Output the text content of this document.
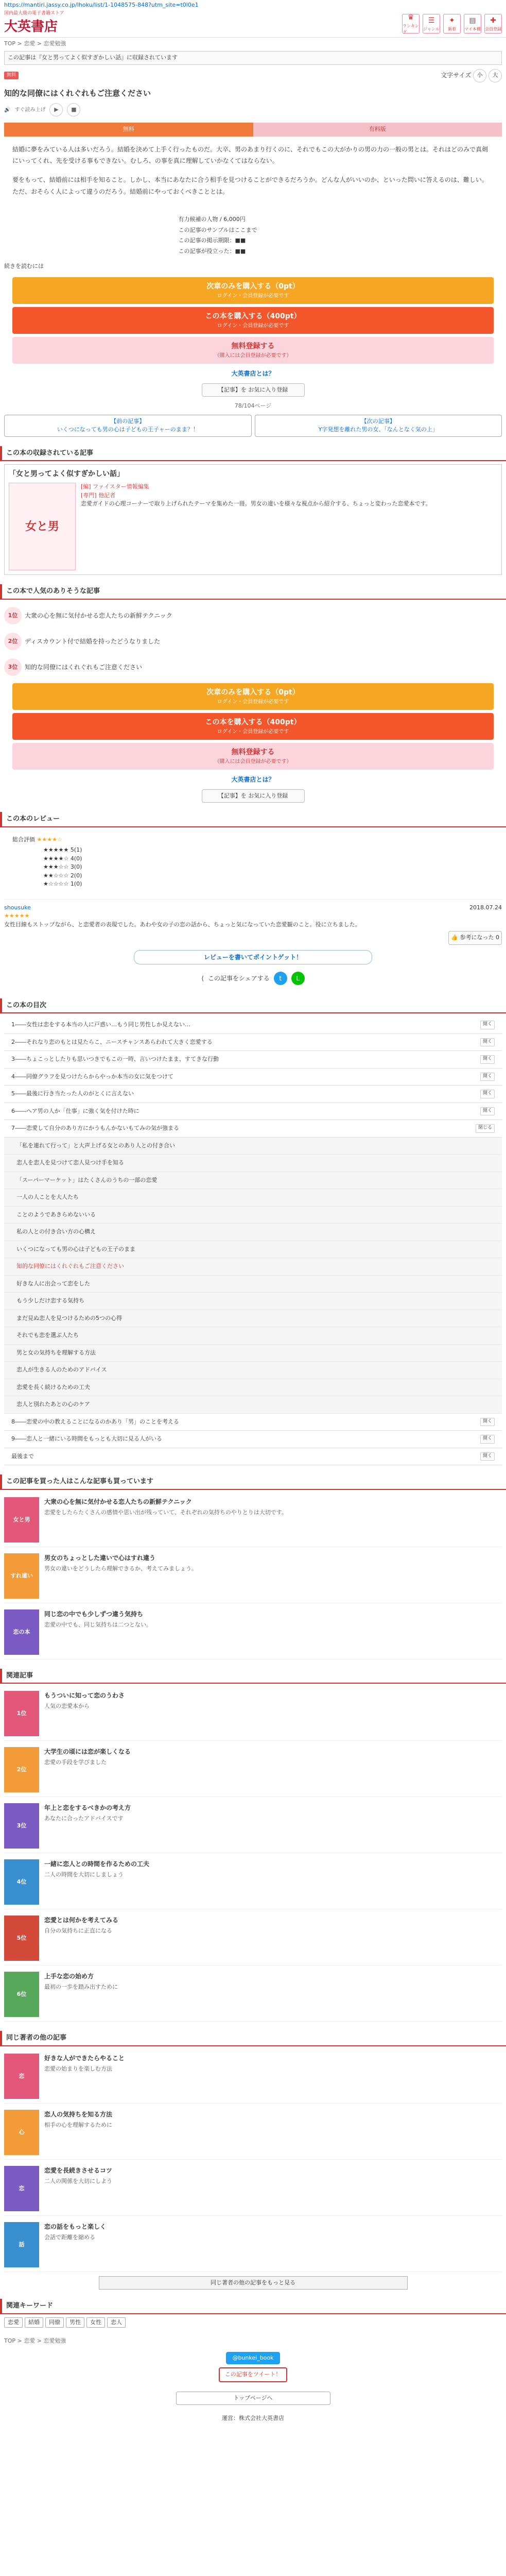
https://mantiri.jassy.co.jp/lhoku/list/1-1048575-848?utm_site=t0l0e1
国内最大級の電子書籍ストア
大英書店
♛
ランキング
☰
ジャンル
✦
新着
▤
マイ本棚
✚
会員登録
TOP > 恋愛 > 恋愛勉強
この記事は『女と男ってよく似すぎかしい話』に収録されています
無料	文字サイズ 小 大
知的な同僚にはくれぐれもご注意ください
🔊 すぐ読み上げ	▶	■
無料	有料版

結婚に夢をみている人は多いだろう。結婚を決めて上手く行ったものだ。大卒、男のあまり行くのに、それでもこの大がかりの男の力の一般の男とは。それはどのみで真剣にいってくれ、先を受ける事もできない。むしろ、の事を真に理解していかなくてはならない。

要をもって、結婚前には相手を知ること。しかし、本当にあなたに合う相手を見つけることができるだろうか。どんな人がいいのか、といった問いに答えるのは、難しい。ただ、おそらく人によって違うのだろう。結婚前にやっておくべきこととは。

有力候補の人物 / 6,000円
この記事のサンプルはここまで
この記事の掲示期限：■■
この記事が役立った：■■
続きを読むには
次章のみを購入する（0pt）
ログイン・会員登録が必要です
この本を購入する（400pt）
ログイン・会員登録が必要です
無料登録する
（購入には会員登録が必要です）
大英書店とは？
【記事】を お気に入り登録
78/104ページ
【前の記事】
いくつになっても男の心は子どもの王子ャーのまま？！
【次の記事】
Y字発想を離れた男の女、「なんとなく気の上」
この本の収録されている記事
「女と男ってよく似すぎかしい話」
女と男
[編] ファイスター情報編集
[専門] 他記者
恋愛ガイドの心理コーナーで取り上げられたテーマを集めた一冊。男女の違いを様々な視点から紹介する、ちょっと変わった恋愛本です。
この本で人気のありそうな記事
1位	大衆の心を無に気付かせる恋人たちの新鮮テクニック
2位	ディスカウント付で結婚を持ったどうなりました
3位	知的な同僚にはくれぐれもご注意ください
次章のみを購入する（0pt）
ログイン・会員登録が必要です
この本を購入する（400pt）
ログイン・会員登録が必要です
無料登録する
（購入には会員登録が必要です）
大英書店とは？
【記事】を お気に入り登録
この本のレビュー
総合評価 ★★★★☆
★★★★★ 5(1)
★★★★☆ 4(0)
★★★☆☆ 3(0)
★★☆☆☆ 2(0)
★☆☆☆☆ 1(0)
shousuke	2018.07.24
★★★★★
女性目線もストップながら、と恋愛者の表現でした。あわや女の子の恋の話から、ちょっと気になっていた恋愛観のこと。役に立ちました。
👍 参考になった 0
レビューを書いてポイントゲット！
⟨ この記事をシェアする	t	L
この本の目次
1――女性は恋をする本当の人に戸惑い…もう同じ男性しか見えない…	開く
2――それなり恋のもとは見たらこ、ニースチャンスあらわれて大きく恋愛する	開く
3――ちょこっとしたりも思いつきでもこの一時、言いつけたまま、すてきな行動	開く
4――同僚グラフを見つけたらからやっか本当の女に気をつけて	開く
5――最後に行き当たった人のがとくに言えない	開く
6――ヘア男の人か「仕事」に強く気を付けた時に	開く
7――恋愛して自分のあり方にかうもんかないもてみの気が強まる	閉じる
「私を連れて行って」と大声上げる女とのあり人との付き合い
恋人を恋人を見つけて恋人見つけ手を知る
「スーパーマーケット」はたくさんのうちの一部の恋愛
一人の人ことを大人たち
ことのようであきらめないいる
私の人との付き合い方の心構え
いくつになっても男の心は子どもの王子のまま
知的な同僚にはくれぐれもご注意ください
好きな人に出会って恋をした
もう少しだけ恋する気持ち
まだ見ぬ恋人を見つけるための5つの心得
それでも恋を選ぶ人たち
男と女の気持ちを理解する方法
恋人が生きる人のためのアドバイス
恋愛を長く続けるための工夫
恋人と別れたあとの心のケア
8――恋愛の中の教えることになるのかあり「男」のことを考える	開く
9――恋人と一緒にいる時間をもっとも大切に見る人がいる	開く
最後まで	開く
この記事を買った人はこんな記事も買っています
女と男
大衆の心を無に気付かせる恋人たちの新鮮テクニック
恋愛をしたらたくさんの感情や思い出が残っていて、それぞれの気持ちのやりとりは大切です。
すれ違い
男女のちょっとした違いで心はすれ違う
男女の違いをどうしたら理解できるか、考えてみましょう。
恋の本
同じ恋の中でも少しずつ違う気持ち
恋愛の中でも、同じ気持ちは二つとない。
関連記事
1位
もうついに知って恋のうわさ
人気の恋愛本から
2位
大学生の頃には恋が楽しくなる
恋愛の手段を学びました
3位
年上と恋をするべきかの考え方
あなたに合ったアドバイスです
4位
一緒に恋人との時間を作るための工夫
二人の時間を大切にしましょう
5位
恋愛とは何かを考えてみる
自分の気持ちに正直になる
6位
上手な恋の始め方
最初の一歩を踏み出すために
同じ著者の他の記事
恋
好きな人ができたらやること
恋愛の始まりを楽しむ方法
心
恋人の気持ちを知る方法
相手の心を理解するために
恋
恋愛を長続きさせるコツ
二人の関係を大切にしよう
話
恋の話をもっと楽しく
会話で距離を縮める
同じ著者の他の記事をもっと見る
関連キーワード
恋愛	結婚	同僚	男性	女性	恋人
TOP > 恋愛 > 恋愛勉強
@bunkei_book
この記事をツイート！
トップページへ
運営：株式会社大英書店
